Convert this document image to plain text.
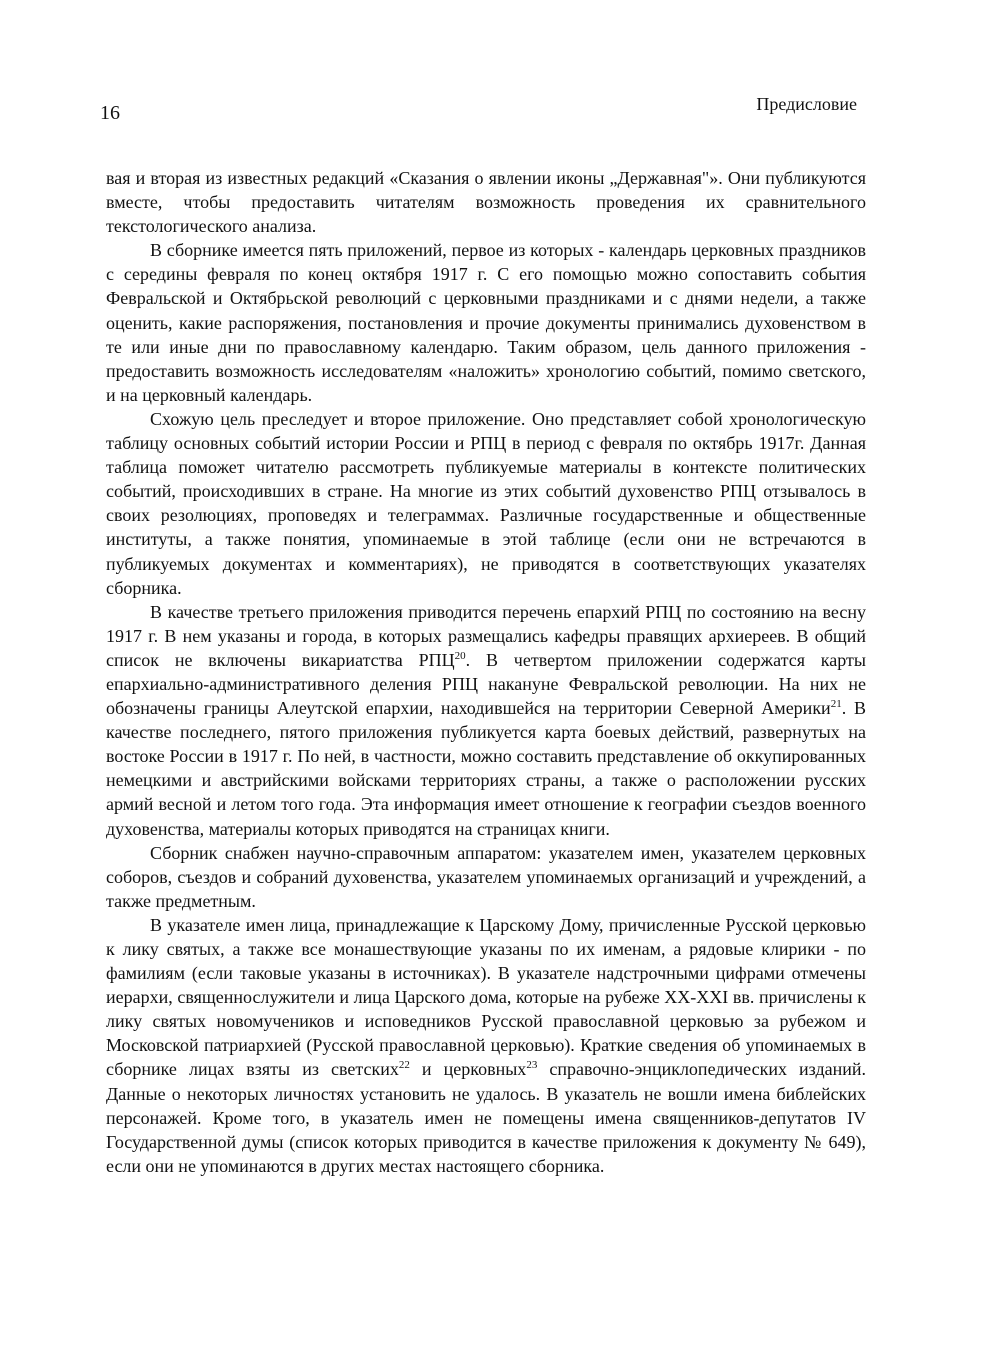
16	Предисловие

вая и вторая из известных редакций «Сказания о явлении иконы „Державная"». Они публикуются вместе, чтобы предоставить читателям возможность проведения их сравнительного текстологического анализа.

В сборнике имеется пять приложений, первое из которых - календарь церковных праздников с середины февраля по конец октября 1917 г. С его помощью можно сопоставить события Февральской и Октябрьской революций с церковными праздниками и с днями недели, а также оценить, какие распоряжения, постановления и прочие документы принимались духовенством в те или иные дни по православному календарю. Таким образом, цель данного приложения - предоставить возможность исследователям «наложить» хронологию событий, помимо светского, и на церковный календарь.

Схожую цель преследует и второе приложение. Оно представляет собой хронологическую таблицу основных событий истории России и РПЦ в период с февраля по октябрь 1917г. Данная таблица поможет читателю рассмотреть публикуемые материалы в контексте политических событий, происходивших в стране. На многие из этих событий духовенство РПЦ отзывалось в своих резолюциях, проповедях и телеграммах. Различные государственные и общественные институты, а также понятия, упоминаемые в этой таблице (если они не встречаются в публикуемых документах и комментариях), не приводятся в соответствующих указателях сборника.

В качестве третьего приложения приводится перечень епархий РПЦ по состоянию на весну 1917 г. В нем указаны и города, в которых размещались кафедры правящих архиереев. В общий список не включены викариатства РПЦ$^{20}$. В четвертом приложении содержатся карты епархиально-административного деления РПЦ накануне Февральской революции. На них не обозначены границы Алеутской епархии, находившейся на территории Северной Америки$^{21}$. В качестве последнего, пятого приложения публикуется карта боевых действий, развернутых на востоке России в 1917 г. По ней, в частности, можно составить представление об оккупированных немецкими и австрийскими войсками территориях страны, а также о расположении русских армий весной и летом того года. Эта информация имеет отношение к географии съездов военного духовенства, материалы которых приводятся на страницах книги.

Сборник снабжен научно-справочным аппаратом: указателем имен, указателем церковных соборов, съездов и собраний духовенства, указателем упоминаемых организаций и учреждений, а также предметным.

В указателе имен лица, принадлежащие к Царскому Дому, причисленные Русской церковью к лику святых, а также все монашествующие указаны по их именам, а рядовые клирики - по фамилиям (если таковые указаны в источниках). В указателе надстрочными цифрами отмечены иерархи, священнослужители и лица Царского дома, которые на рубеже XX-XXI вв. причислены к лику святых новомучеников и исповедников Русской православной церковью за рубежом и Московской патриархией (Русской православной церковью). Краткие сведения об упоминаемых в сборнике лицах взяты из светских$^{22}$ и церковных$^{23}$ справочно-энциклопедических изданий. Данные о некоторых личностях установить не удалось. В указатель не вошли имена библейских персонажей. Кроме того, в указатель имен не помещены имена священников-депутатов IV Государственной думы (список которых приводится в качестве приложения к документу № 649), если они не упоминаются в других местах настоящего сборника.
